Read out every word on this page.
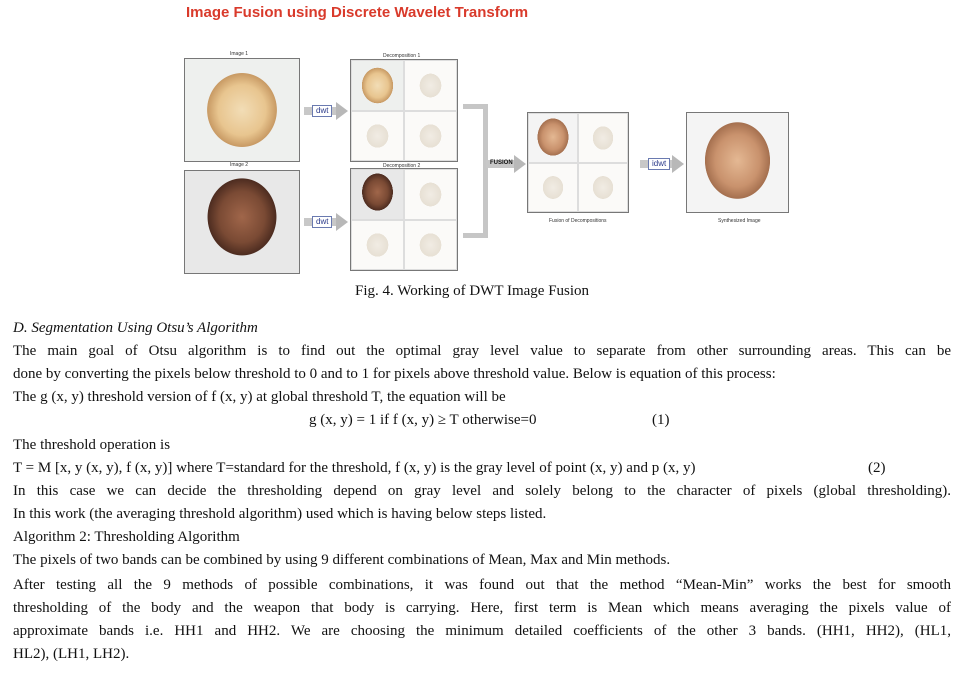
Image Fusion using Discrete Wavelet Transform
Image 1
Image 2
dwt
dwt
Decomposition 1
Decomposition 2	FUSION
Fusion of Decompositions
idwt
Synthesized Image
Fig. 4. Working of DWT Image Fusion
D. Segmentation Using Otsu’s Algorithm
The main goal of Otsu algorithm is to find out the optimal gray level value to separate from other surrounding areas. This can be
done by converting the pixels below threshold to 0 and to 1 for pixels above threshold value. Below is equation of this process:
The g (x, y) threshold version of f (x, y) at global threshold T, the equation will be
g (x, y) = 1 if f (x, y) ≥ T otherwise=0	(1)
The threshold operation is
T = M [x, y (x, y), f (x, y)] where T=standard for the threshold, f (x, y) is the gray level of point (x, y) and p (x, y)	(2)
In this case we can decide the thresholding depend on gray level and solely belong to the character of pixels (global thresholding).
In this work (the averaging threshold algorithm) used which is having below steps listed.
Algorithm 2: Thresholding Algorithm
The pixels of two bands can be combined by using 9 different combinations of Mean, Max and Min methods.
After testing all the 9 methods of possible combinations, it was found out that the method “Mean-Min” works the best for smooth
thresholding of the body and the weapon that body is carrying. Here, first term is Mean which means averaging the pixels value of
approximate bands i.e. HH1 and HH2. We are choosing the minimum detailed coefficients of the other 3 bands. (HH1, HH2), (HL1,
HL2), (LH1, LH2).
